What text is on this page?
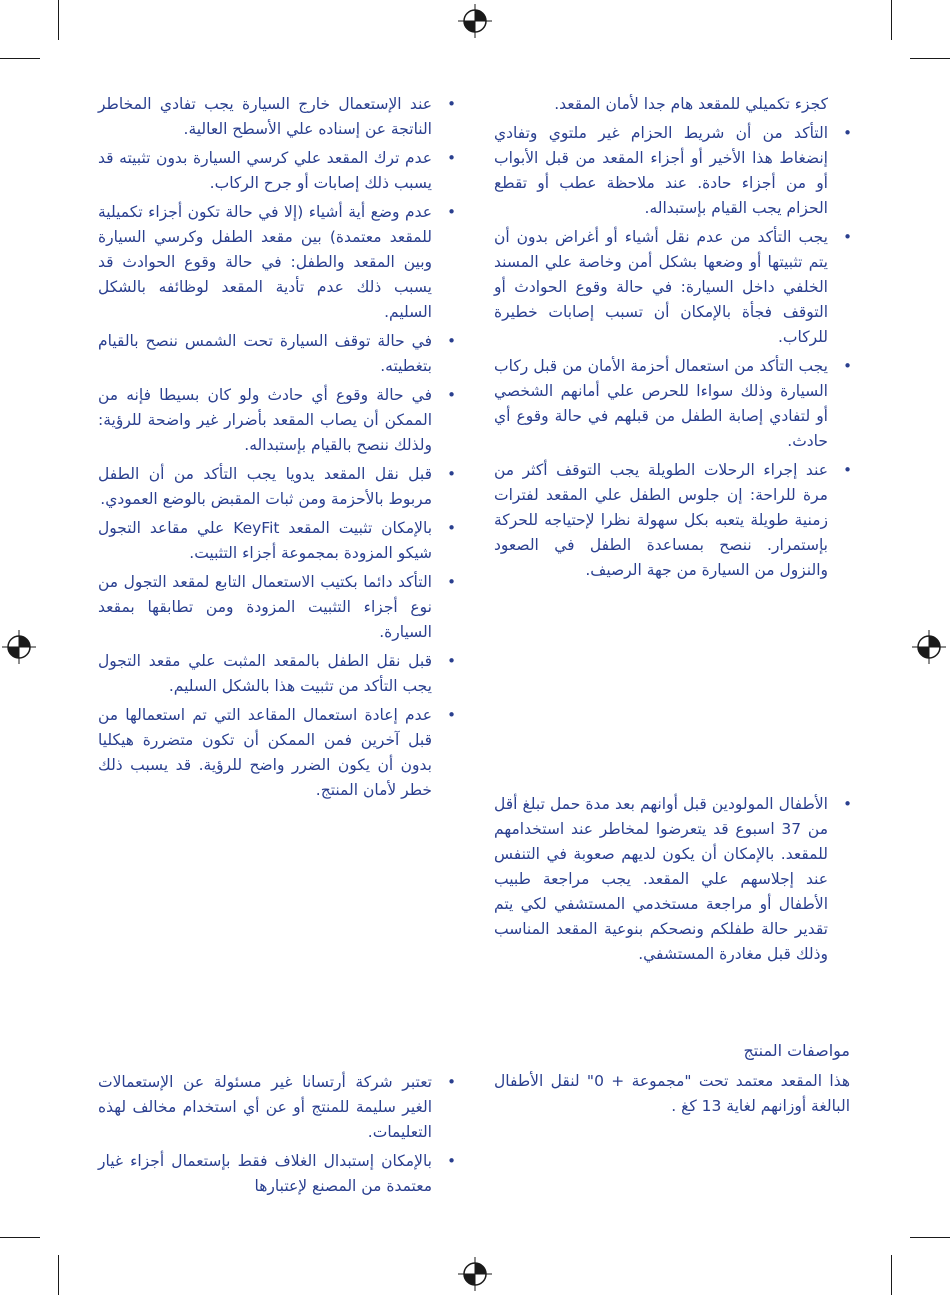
كجزء تكميلي للمقعد هام جدا لأمان المقعد.

•
التأكد من أن شريط الحزام غير ملتوي وتفادي إنضغاط هذا الأخير أو أجزاء المقعد من قبل الأبواب أو من أجزاء حادة. عند ملاحظة عطب أو تقطع الحزام يجب القيام بإستبداله.
•
يجب التأكد من عدم نقل أشياء أو أغراض بدون أن يتم تثبيتها أو وضعها بشكل أمن وخاصة علي المسند الخلفي داخل السيارة: في حالة وقوع الحوادث أو التوقف فجأة بالإمكان أن تسبب إصابات خطيرة للركاب.
•
يجب التأكد من استعمال أحزمة الأمان من قبل ركاب السيارة وذلك سواءا للحرص علي أمانهم الشخصي أو لتفادي إصابة الطفل من قبلهم في حالة وقوع أي حادث.
•
عند إجراء الرحلات الطويلة يجب التوقف أكثر من مرة للراحة: إن جلوس الطفل علي المقعد لفترات زمنية طويلة يتعبه بكل سهولة نظرا لإحتياجه للحركة بإستمرار. ننصح بمساعدة الطفل في الصعود والنزول من السيارة من جهة الرصيف.
•
الأطفال المولودين قبل أوانهم بعد مدة حمل تبلغ أقل من 37 اسبوع قد يتعرضوا لمخاطر عند استخدامهم للمقعد. بالإمكان أن يكون لديهم صعوبة في التنفس عند إجلاسهم علي المقعد. يجب مراجعة طبيب الأطفال أو مراجعة مستخدمي المستشفي لكي يتم تقدير حالة طفلكم ونصحكم بنوعية المقعد المناسب وذلك قبل مغادرة المستشفي.

مواصفات المنتج

هذا المقعد معتمد تحت "مجموعة + 0" لنقل الأطفال البالغة أوزانهم لغاية 13 كغ .

•
عند الإستعمال خارج السيارة يجب تفادي المخاطر الناتجة عن إسناده علي الأسطح العالية.
•
عدم ترك المقعد علي كرسي السيارة بدون تثبيته قد يسبب ذلك إصابات أو جرح الركاب.
•
عدم وضع أية أشياء (إلا في حالة تكون أجزاء تكميلية للمقعد معتمدة) بين مقعد الطفل وكرسي السيارة وبين المقعد والطفل: في حالة وقوع الحوادث قد يسبب ذلك عدم تأدية المقعد لوظائفه بالشكل السليم.
•
في حالة توقف السيارة تحت الشمس ننصح بالقيام بتغطيته.
•
في حالة وقوع أي حادث ولو كان بسيطا فإنه من الممكن أن يصاب المقعد بأضرار غير واضحة للرؤية: ولذلك ننصح بالقيام بإستبداله.
•
قبل نقل المقعد يدويا يجب التأكد من أن الطفل مربوط بالأحزمة ومن ثبات المقبض بالوضع العمودي.
•
بالإمكان تثبيت المقعد KeyFit علي مقاعد التجول شيكو المزودة بمجموعة أجزاء التثبيت.
•
التأكد دائما بكتيب الاستعمال التابع لمقعد التجول من نوع أجزاء التثبيت المزودة ومن تطابقها بمقعد السيارة.
•
قبل نقل الطفل بالمقعد المثبت علي مقعد التجول يجب التأكد من تثبيت هذا بالشكل السليم.
•
عدم إعادة استعمال المقاعد التي تم استعمالها من قبل آخرين فمن الممكن أن تكون متضررة هيكليا بدون أن يكون الضرر واضح للرؤية. قد يسبب ذلك خطر لأمان المنتج.
•
تعتبر شركة أرتسانا غير مسئولة عن الإستعمالات الغير سليمة للمنتج أو عن أي استخدام مخالف لهذه التعليمات.
•
بالإمكان إستبدال الغلاف فقط بإستعمال أجزاء غيار معتمدة من المصنع لإعتبارها
